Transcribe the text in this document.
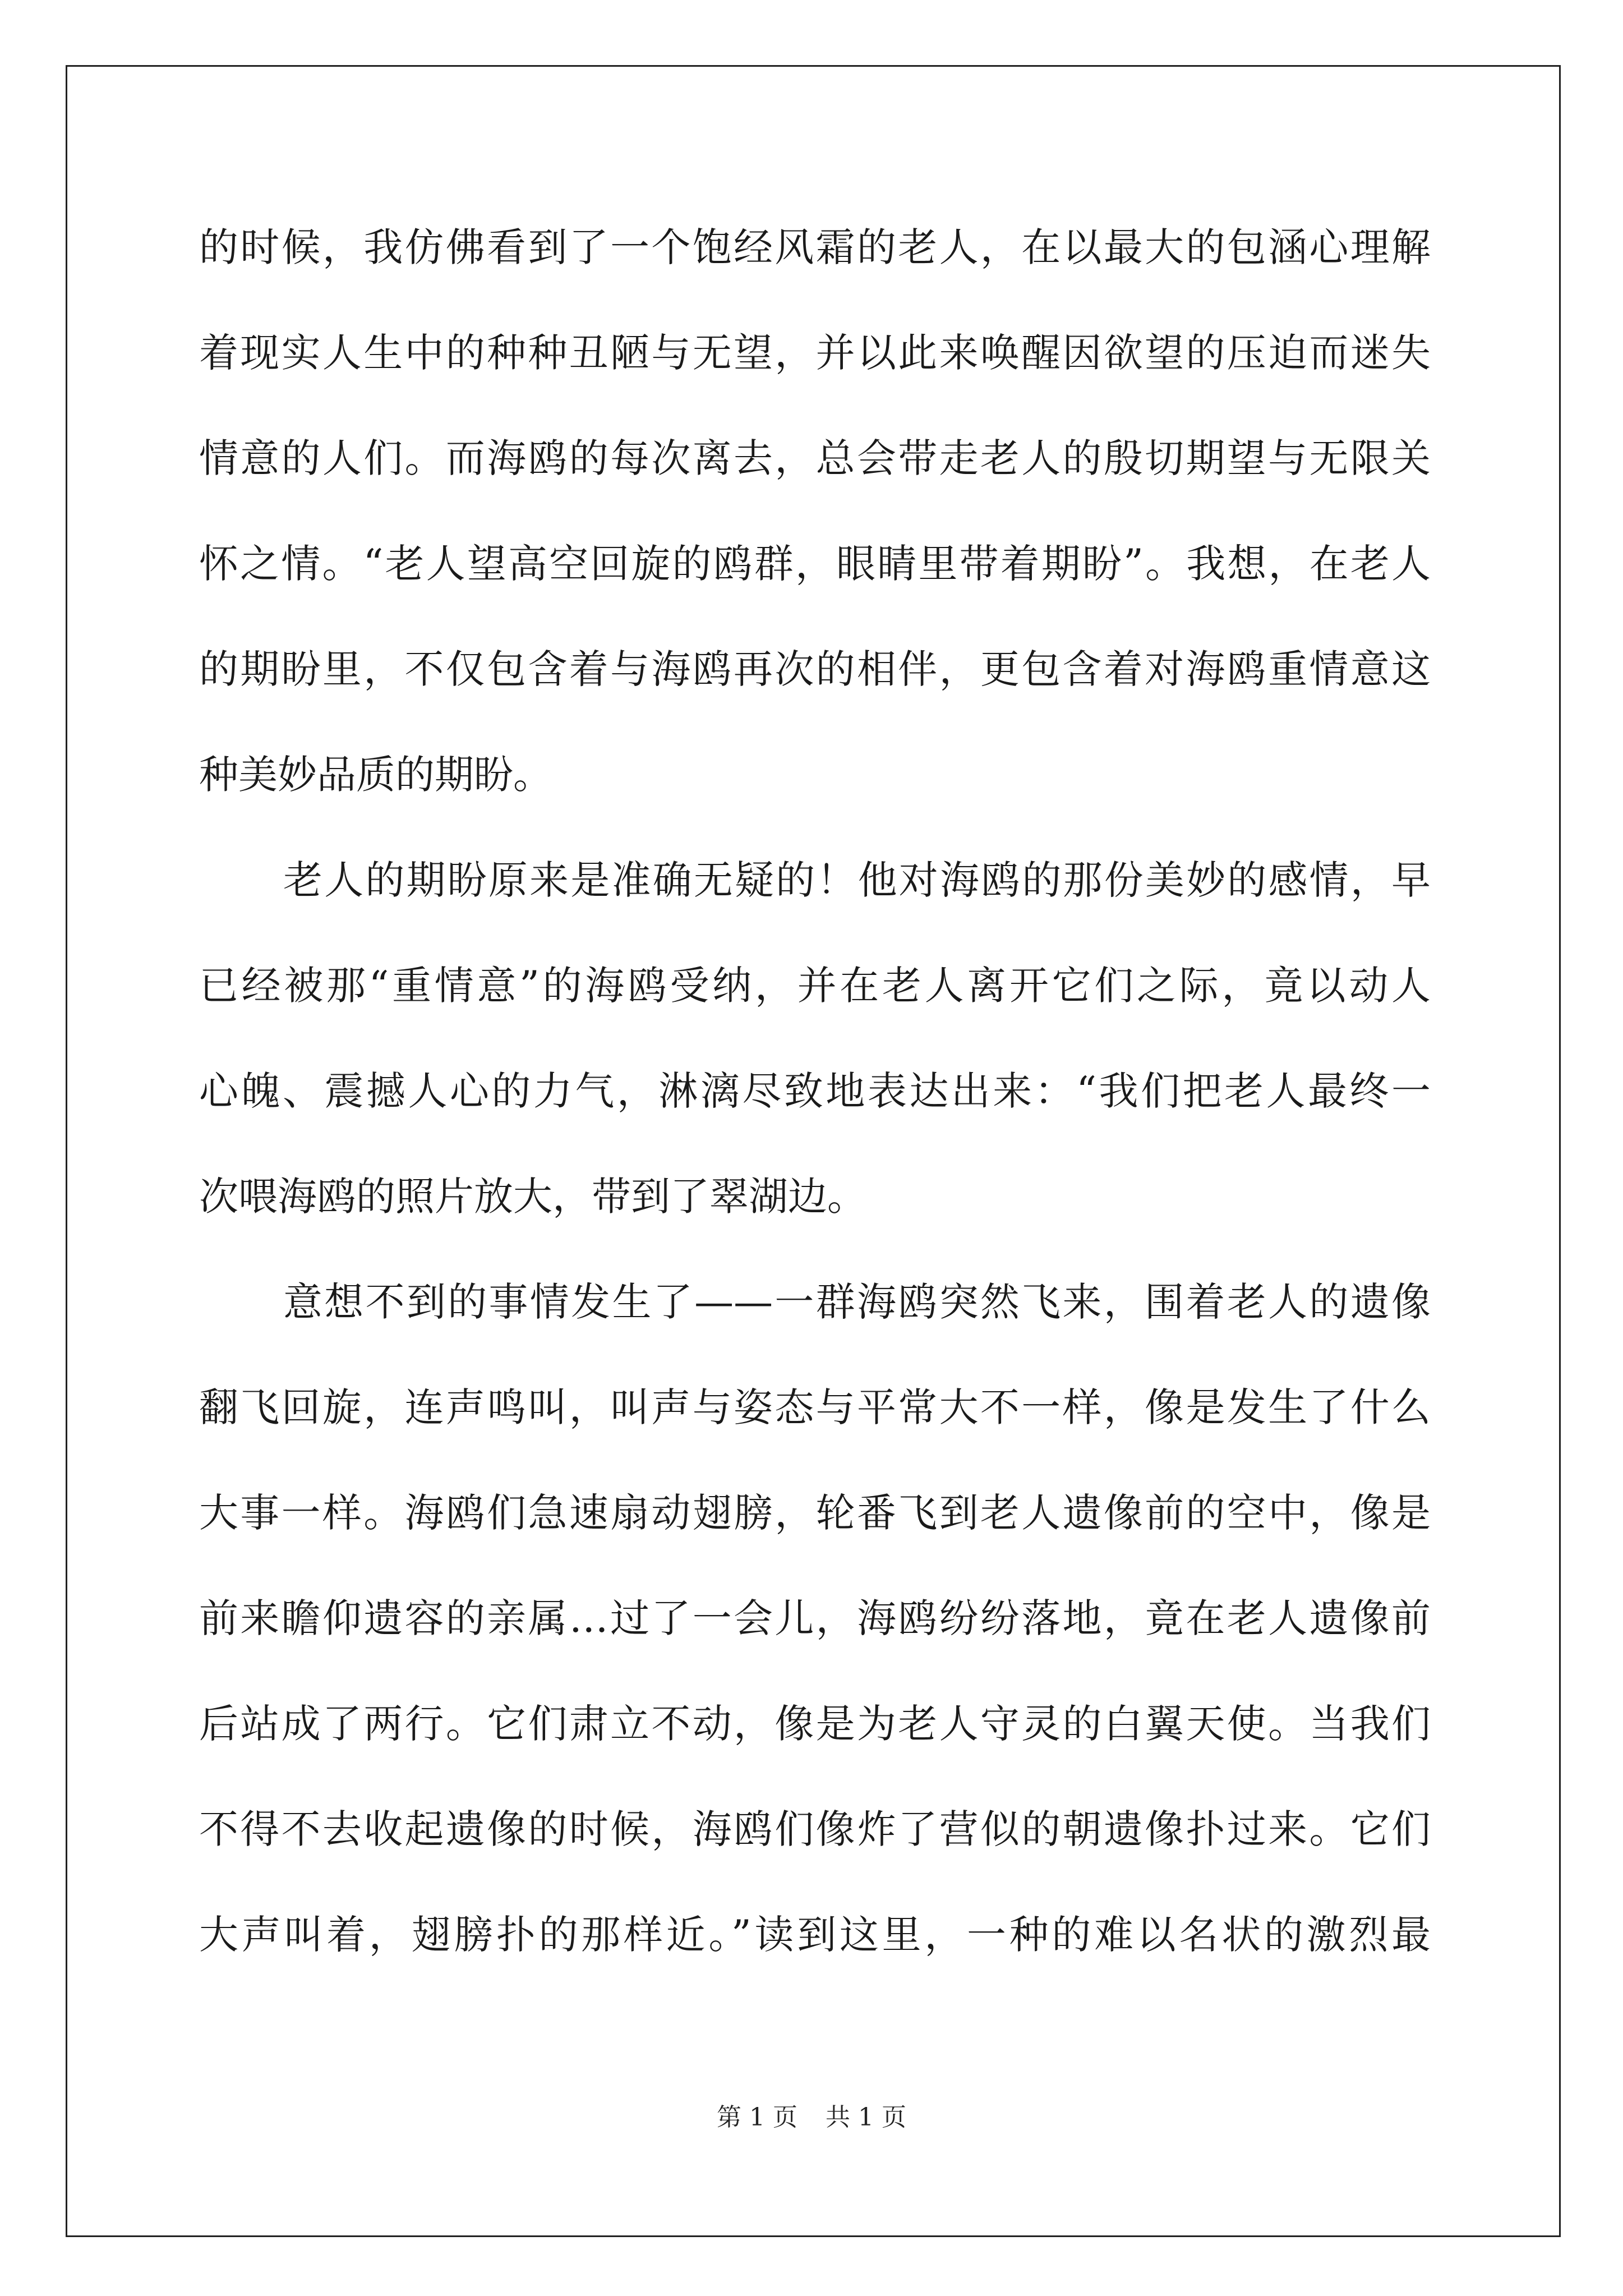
的时候，我仿佛看到了一个饱经风霜的老人，在以最大的包涵心理解
着现实人生中的种种丑陋与无望，并以此来唤醒因欲望的压迫而迷失
情意的人们。而海鸥的每次离去，总会带走老人的殷切期望与无限关
怀之情。“老人望高空回旋的鸥群，眼睛里带着期盼”。我想，在老人
的期盼里，不仅包含着与海鸥再次的相伴，更包含着对海鸥重情意这
种美妙品质的期盼。
老人的期盼原来是准确无疑的！他对海鸥的那份美妙的感情，早
已经被那“重情意”的海鸥受纳，并在老人离开它们之际，竟以动人
心魄、震撼人心的力气，淋漓尽致地表达出来：“我们把老人最终一
次喂海鸥的照片放大，带到了翠湖边。
意想不到的事情发生了——一群海鸥突然飞来，围着老人的遗像
翻飞回旋，连声鸣叫，叫声与姿态与平常大不一样，像是发生了什么
大事一样。海鸥们急速扇动翅膀，轮番飞到老人遗像前的空中，像是
前来瞻仰遗容的亲属…过了一会儿，海鸥纷纷落地，竟在老人遗像前
后站成了两行。它们肃立不动，像是为老人守灵的白翼天使。当我们
不得不去收起遗像的时候，海鸥们像炸了营似的朝遗像扑过来。它们
大声叫着，翅膀扑的那样近。”读到这里，一种的难以名状的激烈最
第 1 页 共 1 页
